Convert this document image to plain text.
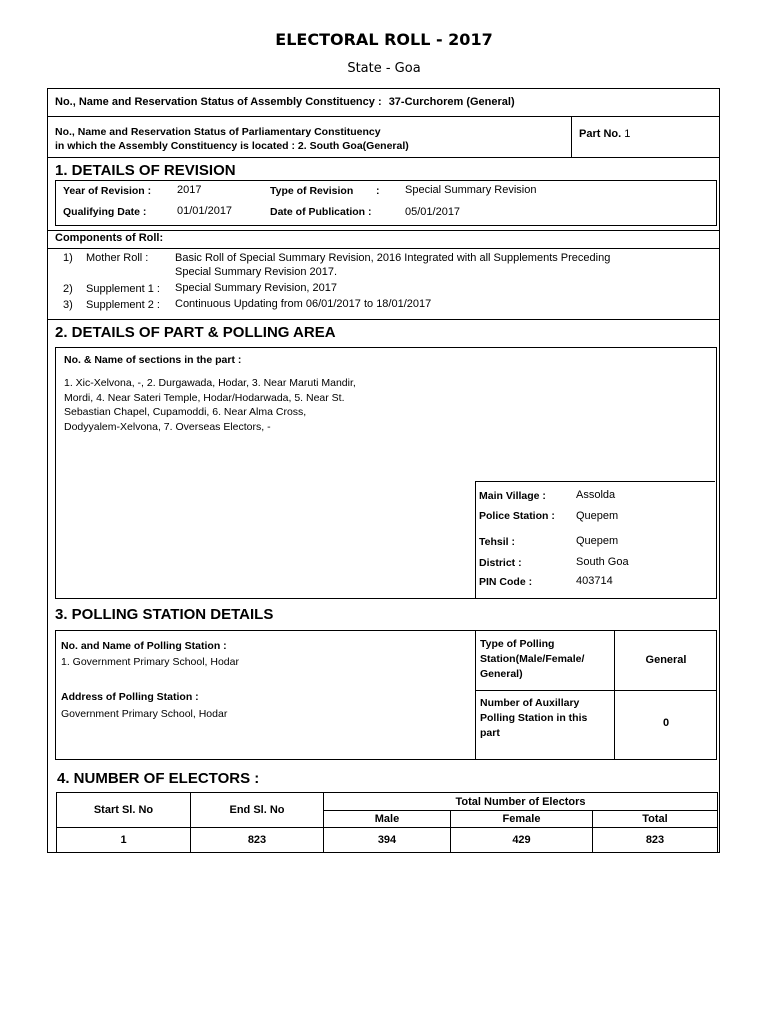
ELECTORAL ROLL - 2017
State - Goa
No., Name and Reservation Status of Assembly Constituency : 37-Curchorem (General)
No., Name and Reservation Status of Parliamentary Constituency
in which the Assembly Constituency is located : 2. South Goa(General)
Part No. 1
1. DETAILS OF REVISION
Year of Revision : 2017	Type of Revision : Special Summary Revision
Qualifying Date :	01/01/2017	Date of Publication :	05/01/2017
Components of Roll:
1) Mother Roll : Basic Roll of Special Summary Revision, 2016 Integrated with all Supplements Preceding
Special Summary Revision 2017.
2) Supplement 1 : Special Summary Revision, 2017
3) Supplement 2 : Continuous Updating from 06/01/2017 to 18/01/2017
2. DETAILS OF PART & POLLING AREA
No. & Name of sections in the part :
1. Xic-Xelvona, -, 2. Durgawada, Hodar, 3. Near Maruti Mandir,
Mordi, 4. Near Sateri Temple, Hodar/Hodarwada, 5. Near St.
Sebastian Chapel, Cupamoddi, 6. Near Alma Cross,
Dodyyalem-Xelvona, 7. Overseas Electors, -
Main Village :	Assolda
Police Station : Quepem
Tehsil :	Quepem
District :	South Goa
PIN Code :	403714
3. POLLING STATION DETAILS
No. and Name of Polling Station :
1. Government Primary School, Hodar
Address of Polling Station :
Government Primary School, Hodar
Type of Polling
Station(Male/Female/
General)
General
Number of Auxillary
Polling Station in this
part
0
4. NUMBER OF ELECTORS :
Start Sl. No	End Sl. No	Total Number of Electors		
		Male	Female	Total
1	823	394	429	823
